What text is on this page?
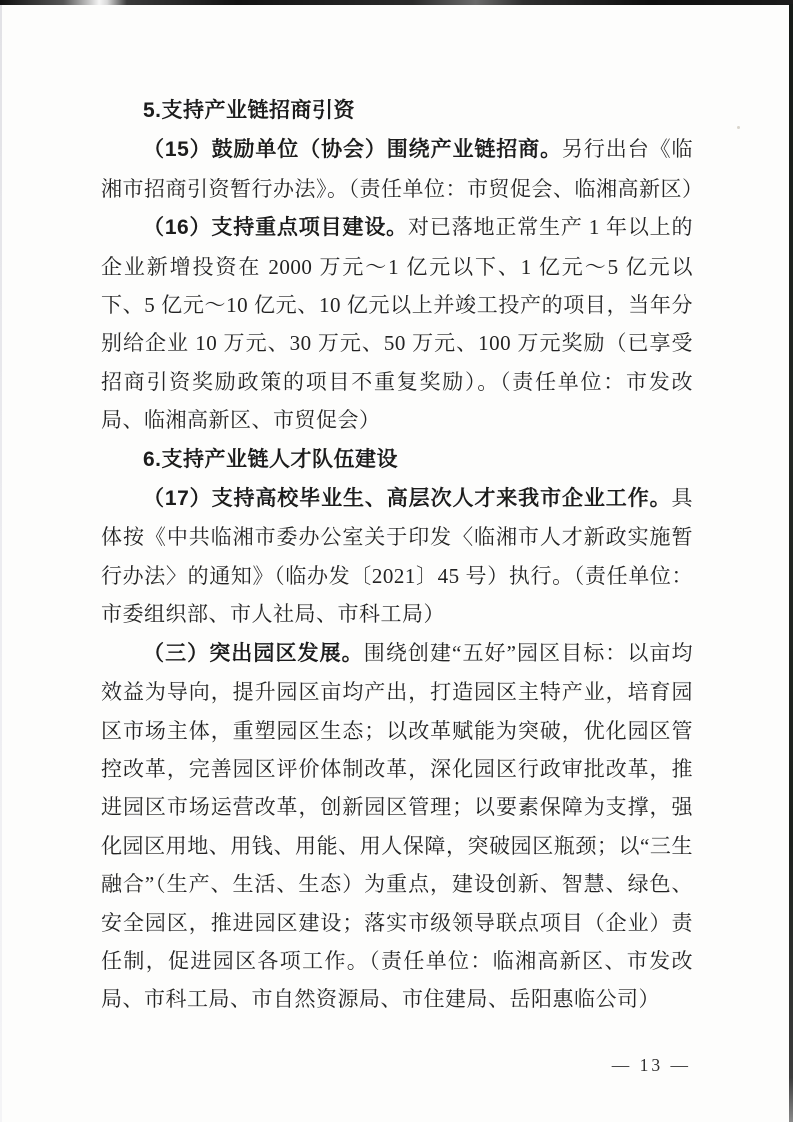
5.支持产业链招商引资

（15）鼓励单位（协会）围绕产业链招商。另行出台《临湘市招商引资暂行办法》。（责任单位：市贸促会、临湘高新区）

（16）支持重点项目建设。对已落地正常生产 1 年以上的企业新增投资在 2000 万元～1 亿元以下、1 亿元～5 亿元以下、5 亿元～10 亿元、10 亿元以上并竣工投产的项目，当年分别给企业 10 万元、30 万元、50 万元、100 万元奖励（已享受招商引资奖励政策的项目不重复奖励）。（责任单位：市发改局、临湘高新区、市贸促会）

6.支持产业链人才队伍建设

（17）支持高校毕业生、高层次人才来我市企业工作。具体按《中共临湘市委办公室关于印发〈临湘市人才新政实施暂行办法〉的通知》（临办发〔2021〕45 号）执行。（责任单位：市委组织部、市人社局、市科工局）

（三）突出园区发展。围绕创建“五好”园区目标：以亩均效益为导向，提升园区亩均产出，打造园区主特产业，培育园区市场主体，重塑园区生态；以改革赋能为突破，优化园区管控改革，完善园区评价体制改革，深化园区行政审批改革，推进园区市场运营改革，创新园区管理；以要素保障为支撑，强化园区用地、用钱、用能、用人保障，突破园区瓶颈；以“三生融合”（生产、生活、生态）为重点，建设创新、智慧、绿色、安全园区，推进园区建设；落实市级领导联点项目（企业）责任制，促进园区各项工作。（责任单位：临湘高新区、市发改局、市科工局、市自然资源局、市住建局、岳阳惠临公司）

— 13 —
